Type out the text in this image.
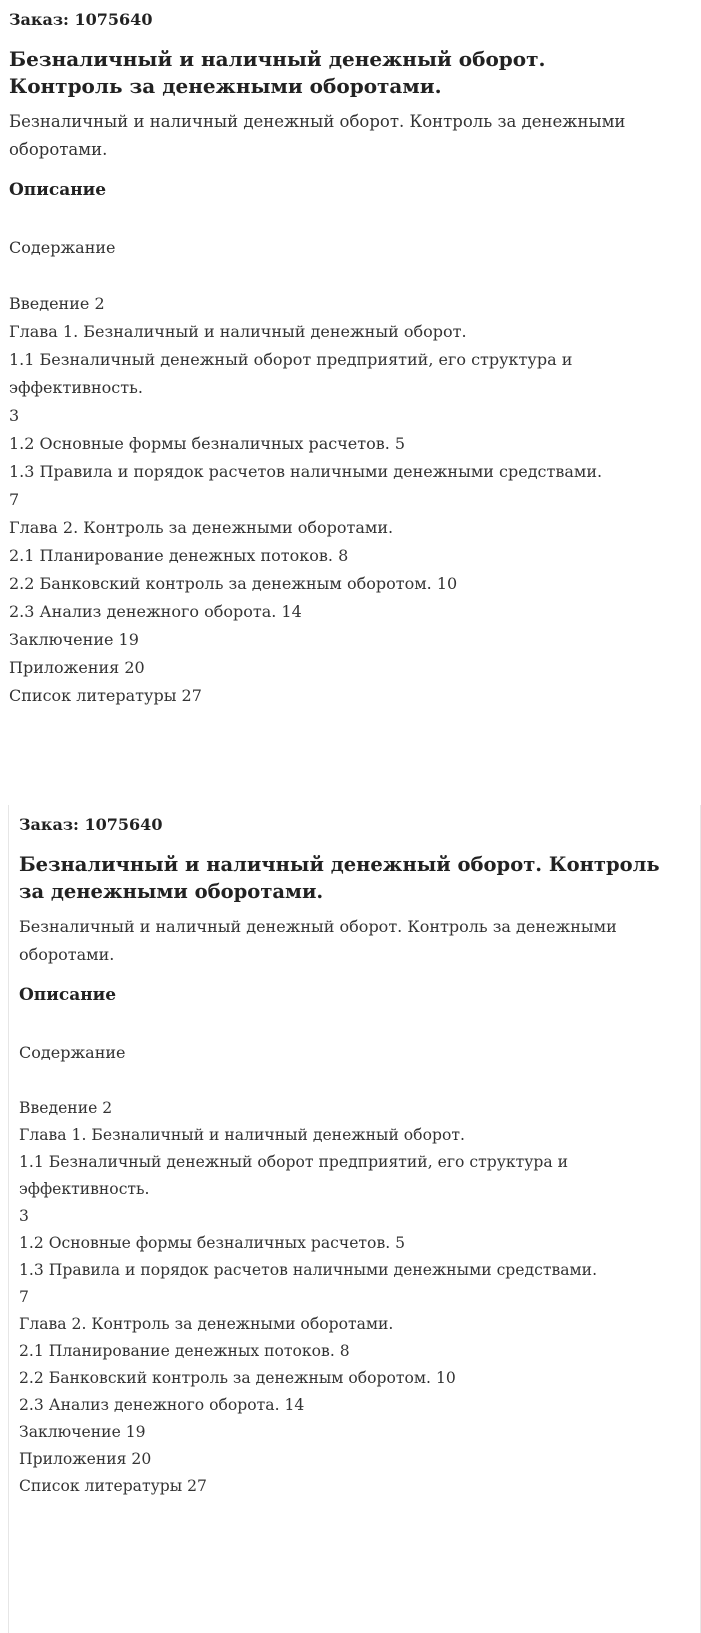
Заказ: 1075640
Безналичный и наличный денежный оборот. Контроль за денежными оборотами.
Безналичный и наличный денежный оборот. Контроль за денежными оборотами.
Описание
Содержание
Введение 2
Глава 1. Безналичный и наличный денежный оборот.
1.1 Безналичный денежный оборот предприятий, его структура и эффективность.
3
1.2 Основные формы безналичных расчетов. 5
1.3 Правила и порядок расчетов наличными денежными средствами.
7
Глава 2. Контроль за денежными оборотами.
2.1 Планирование денежных потоков. 8
2.2 Банковский контроль за денежным оборотом. 10
2.3 Анализ денежного оборота. 14
Заключение 19
Приложения 20
Список литературы 27
Заказ: 1075640
Безналичный и наличный денежный оборот. Контроль за денежными оборотами.
Безналичный и наличный денежный оборот. Контроль за денежными оборотами.
Описание
Содержание
Введение 2
Глава 1. Безналичный и наличный денежный оборот.
1.1 Безналичный денежный оборот предприятий, его структура и эффективность.
3
1.2 Основные формы безналичных расчетов. 5
1.3 Правила и порядок расчетов наличными денежными средствами.
7
Глава 2. Контроль за денежными оборотами.
2.1 Планирование денежных потоков. 8
2.2 Банковский контроль за денежным оборотом. 10
2.3 Анализ денежного оборота. 14
Заключение 19
Приложения 20
Список литературы 27
